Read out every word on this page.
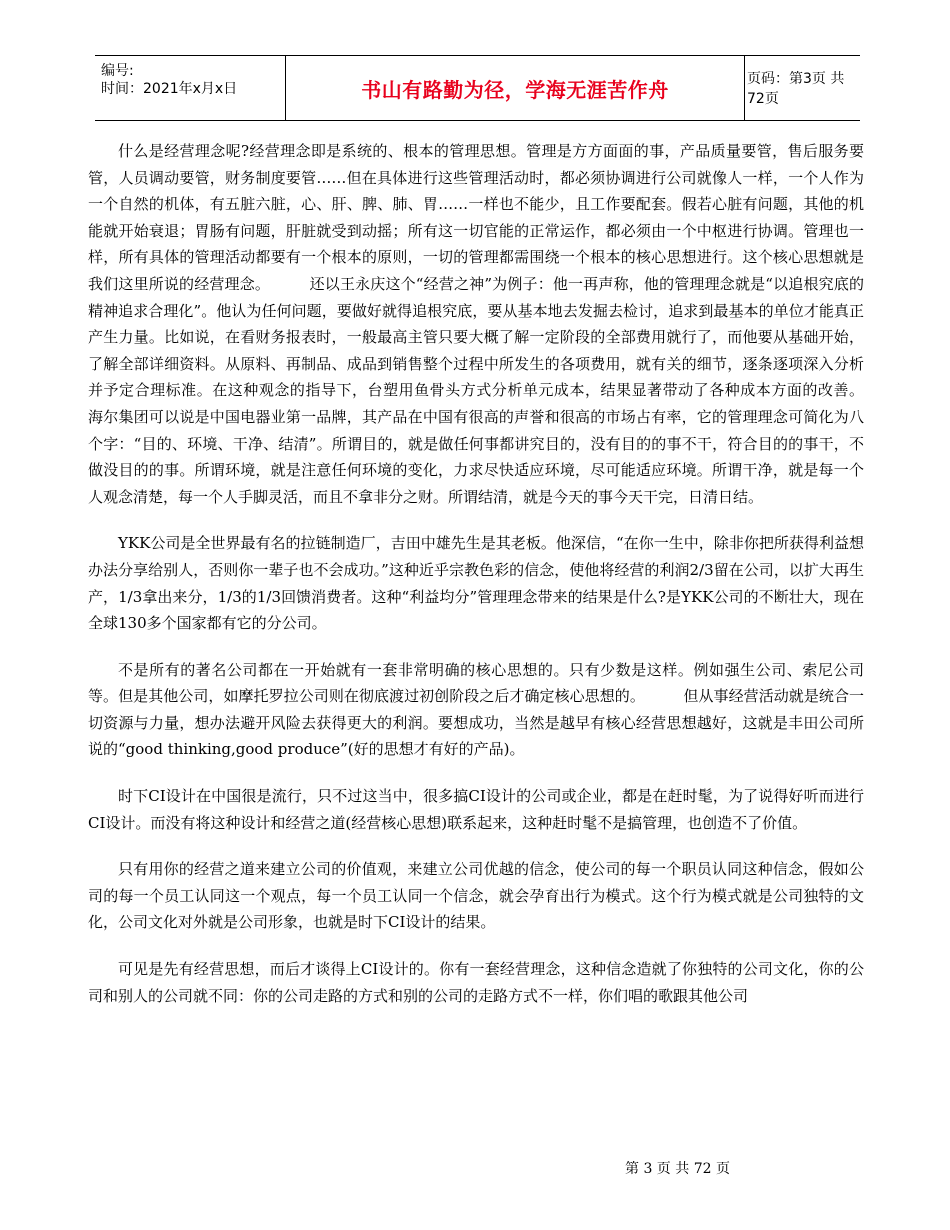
编号:
时间：2021年x月x日	书山有路勤为径，学海无涯苦作舟	页码：第3页 共72页

什么是经营理念呢?经营理念即是系统的、根本的管理思想。管理是方方面面的事，产品质量要管，售后服务要管，人员调动要管，财务制度要管……但在具体进行这些管理活动时，都必须协调进行公司就像人一样，一个人作为一个自然的机体，有五脏六脏，心、肝、脾、肺、胃……一样也不能少，且工作要配套。假若心脏有问题，其他的机能就开始衰退；胃肠有问题，肝脏就受到动摇；所有这一切官能的正常运作，都必须由一个中枢进行协调。管理也一样，所有具体的管理活动都要有一个根本的原则，一切的管理都需围绕一个根本的核心思想进行。这个核心思想就是我们这里所说的经营理念。        还以王永庆这个“经营之神”为例子：他一再声称，他的管理理念就是“以追根究底的精神追求合理化”。他认为任何问题，要做好就得追根究底，要从基本地去发掘去检讨，追求到最基本的单位才能真正产生力量。比如说，在看财务报表时，一般最高主管只要大概了解一定阶段的全部费用就行了，而他要从基础开始，了解全部详细资料。从原料、再制品、成品到销售整个过程中所发生的各项费用，就有关的细节，逐条逐项深入分析并予定合理标准。在这种观念的指导下，台塑用鱼骨头方式分析单元成本，结果显著带动了各种成本方面的改善。        海尔集团可以说是中国电器业第一品牌，其产品在中国有很高的声誉和很高的市场占有率，它的管理理念可简化为八个字：“目的、环境、干净、结清”。所谓目的，就是做任何事都讲究目的，没有目的的事不干，符合目的的事干，不做没目的的事。所谓环境，就是注意任何环境的变化，力求尽快适应环境，尽可能适应环境。所谓干净，就是每一个人观念清楚，每一个人手脚灵活，而且不拿非分之财。所谓结清，就是今天的事今天干完，日清日结。

YKK公司是全世界最有名的拉链制造厂，吉田中雄先生是其老板。他深信，“在你一生中，除非你把所获得利益想办法分享给别人，否则你一辈子也不会成功。”这种近乎宗教色彩的信念，使他将经营的利润2/3留在公司，以扩大再生产，1/3拿出来分，1/3的1/3回馈消费者。这种“利益均分”管理理念带来的结果是什么?是YKK公司的不断壮大，现在全球130多个国家都有它的分公司。

不是所有的著名公司都在一开始就有一套非常明确的核心思想的。只有少数是这样。例如强生公司、索尼公司等。但是其他公司，如摩托罗拉公司则在彻底渡过初创阶段之后才确定核心思想的。        但从事经营活动就是统合一切资源与力量，想办法避开风险去获得更大的利润。要想成功，当然是越早有核心经营思想越好，这就是丰田公司所说的“good thinking,good produce”(好的思想才有好的产品)。

时下CI设计在中国很是流行，只不过这当中，很多搞CI设计的公司或企业，都是在赶时髦，为了说得好听而进行CI设计。而没有将这种设计和经营之道(经营核心思想)联系起来，这种赶时髦不是搞管理，也创造不了价值。

只有用你的经营之道来建立公司的价值观，来建立公司优越的信念，使公司的每一个职员认同这种信念，假如公司的每一个员工认同这一个观点，每一个员工认同一个信念，就会孕育出行为模式。这个行为模式就是公司独特的文化，公司文化对外就是公司形象，也就是时下CI设计的结果。

可见是先有经营思想，而后才谈得上CI设计的。你有一套经营理念，这种信念造就了你独特的公司文化，你的公司和别人的公司就不同：你的公司走路的方式和别的公司的走路方式不一样，你们唱的歌跟其他公司

第 3 页 共 72 页
